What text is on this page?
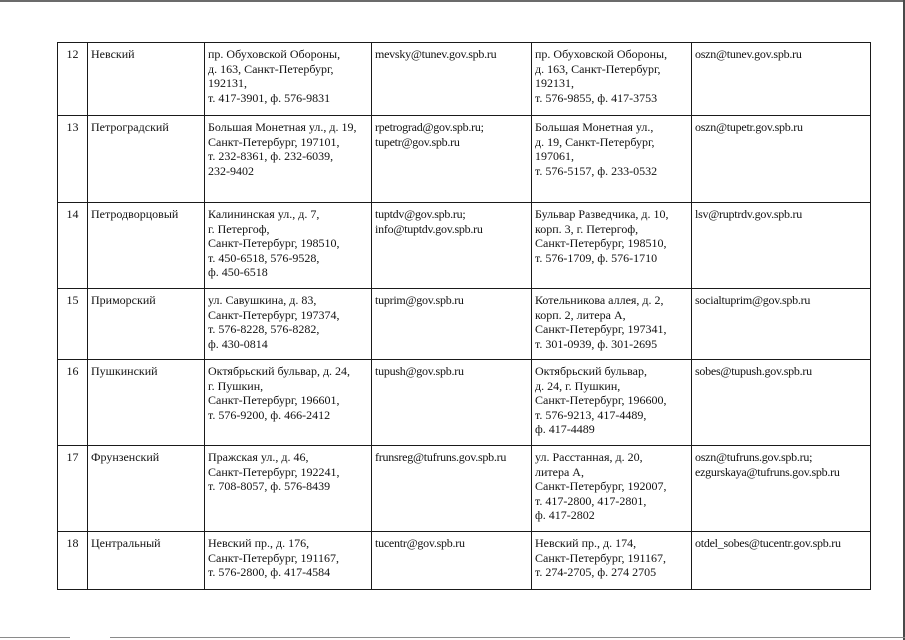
12	Невский	пр. Обуховской Обороны,
д. 163, Санкт-Петербург,
192131,
т. 417-3901, ф. 576-9831	mevsky@tunev.gov.spb.ru	пр. Обуховской Обороны,
д. 163, Санкт-Петербург,
192131,
т. 576-9855, ф. 417-3753	oszn@tunev.gov.spb.ru
13	Петроградский	Большая Монетная ул., д. 19,
Санкт-Петербург, 197101,
т. 232-8361, ф. 232-6039,
232-9402	rpetrograd@gov.spb.ru;
tupetr@gov.spb.ru	Большая Монетная ул.,
д. 19, Санкт-Петербург,
197061,
т. 576-5157, ф. 233-0532	oszn@tupetr.gov.spb.ru
14	Петродворцовый	Калининская ул., д. 7,
г. Петергоф,
Санкт-Петербург, 198510,
т. 450-6518, 576-9528,
ф. 450-6518	tuptdv@gov.spb.ru;
info@tuptdv.gov.spb.ru	Бульвар Разведчика, д. 10,
корп. 3, г. Петергоф,
Санкт-Петербург, 198510,
т. 576-1709, ф. 576-1710	lsv@ruptrdv.gov.spb.ru
15	Приморский	ул. Савушкина, д. 83,
Санкт-Петербург, 197374,
т. 576-8228, 576-8282,
ф. 430-0814	tuprim@gov.spb.ru	Котельникова аллея, д. 2,
корп. 2, литера А,
Санкт-Петербург, 197341,
т. 301-0939, ф. 301-2695	socialtuprim@gov.spb.ru
16	Пушкинский	Октябрьский бульвар, д. 24,
г. Пушкин,
Санкт-Петербург, 196601,
т. 576-9200, ф. 466-2412	tupush@gov.spb.ru	Октябрьский бульвар,
д. 24, г. Пушкин,
Санкт-Петербург, 196600,
т. 576-9213, 417-4489,
ф. 417-4489	sobes@tupush.gov.spb.ru
17	Фрунзенский	Пражская ул., д. 46,
Санкт-Петербург, 192241,
т. 708-8057, ф. 576-8439	frunsreg@tufruns.gov.spb.ru	ул. Расстанная, д. 20,
литера А,
Санкт-Петербург, 192007,
т. 417-2800, 417-2801,
ф. 417-2802	oszn@tufruns.gov.spb.ru;
ezgurskaya@tufruns.gov.spb.ru
18	Центральный	Невский пр., д. 176,
Санкт-Петербург, 191167,
т. 576-2800, ф. 417-4584	tucentr@gov.spb.ru	Невский пр., д. 174,
Санкт-Петербург, 191167,
т. 274-2705, ф. 274 2705	otdel_sobes@tucentr.gov.spb.ru
